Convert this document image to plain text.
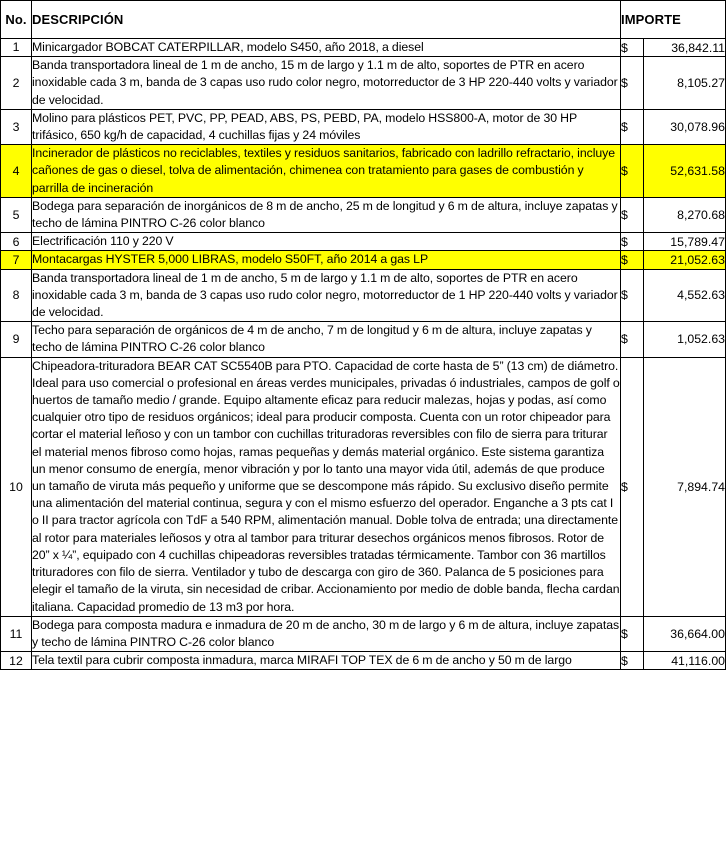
No.	DESCRIPCIÓN	IMPORTE	
1	Minicargador BOBCAT CATERPILLAR, modelo S450, año 2018, a diesel	$	36,842.11
2	Banda transportadora lineal de 1 m de ancho, 15 m de largo y 1.1 m de alto, soportes de PTR en acero inoxidable cada 3 m, banda de 3 capas uso rudo color negro, motorreductor de 3 HP 220-440 volts y variador de velocidad.	$	8,105.27
3	Molino para plásticos PET, PVC, PP, PEAD, ABS, PS, PEBD, PA, modelo HSS800-A, motor de 30 HP trifásico, 650 kg/h de capacidad, 4 cuchillas fijas y 24 móviles	$	30,078.96
4	Incinerador de plásticos no reciclables, textiles y residuos sanitarios, fabricado con ladrillo refractario, incluye cañones de gas o diesel, tolva de alimentación, chimenea con tratamiento para gases de combustión y parrilla de incineración	$	52,631.58
5	Bodega para separación de inorgánicos de 8 m de ancho, 25 m de longitud y 6 m de altura, incluye zapatas y techo de lámina PINTRO C-26 color blanco	$	8,270.68
6	Electrificación 110 y 220 V	$	15,789.47
7	Montacargas HYSTER 5,000 LIBRAS, modelo S50FT, año 2014 a gas LP	$	21,052.63
8	Banda transportadora lineal de 1 m de ancho, 5 m de largo y 1.1 m de alto, soportes de PTR en acero inoxidable cada 3 m, banda de 3 capas uso rudo color negro, motorreductor de 1 HP 220-440 volts y variador de velocidad.	$	4,552.63
9	Techo para separación de orgánicos de 4 m de ancho, 7 m de longitud y 6 m de altura, incluye zapatas y techo de lámina PINTRO C-26 color blanco	$	1,052.63
10	Chipeadora-trituradora BEAR CAT SC5540B para PTO. Capacidad de corte hasta de 5” (13 cm) de diámetro. Ideal para uso comercial o profesional en áreas verdes municipales, privadas ó industriales, campos de golf o huertos de tamaño medio / grande. Equipo altamente eficaz para reducir malezas, hojas y podas, así como cualquier otro tipo de residuos orgánicos; ideal para producir composta. Cuenta con un rotor chipeador para cortar el material leñoso y con un tambor con cuchillas trituradoras reversibles con filo de sierra para triturar el material menos fibroso como hojas, ramas pequeñas y demás material orgánico. Este sistema garantiza un menor consumo de energía, menor vibración y por lo tanto una mayor vida útil, además de que produce un tamaño de viruta más pequeño y uniforme que se descompone más rápido. Su exclusivo diseño permite una alimentación del material continua, segura y con el mismo esfuerzo del operador. Enganche a 3 pts cat I o II para tractor agrícola con TdF a 540 RPM, alimentación manual. Doble tolva de entrada; una directamente al rotor para materiales leñosos y otra al tambor para triturar desechos orgánicos menos fibrosos. Rotor de 20” x ¼”, equipado con 4 cuchillas chipeadoras reversibles tratadas térmicamente. Tambor con 36 martillos trituradores con filo de sierra. Ventilador y tubo de descarga con giro de 360. Palanca de 5 posiciones para elegir el tamaño de la viruta, sin necesidad de cribar. Accionamiento por medio de doble banda, flecha cardan italiana. Capacidad promedio de 13 m3 por hora.	$	7,894.74
11	Bodega para composta madura e inmadura de 20 m de ancho, 30 m de largo y 6 m de altura, incluye zapatas y techo de lámina PINTRO C-26 color blanco	$	36,664.00
12	Tela textil para cubrir composta inmadura, marca MIRAFI TOP TEX de 6 m de ancho y 50 m de largo	$	41,116.00
